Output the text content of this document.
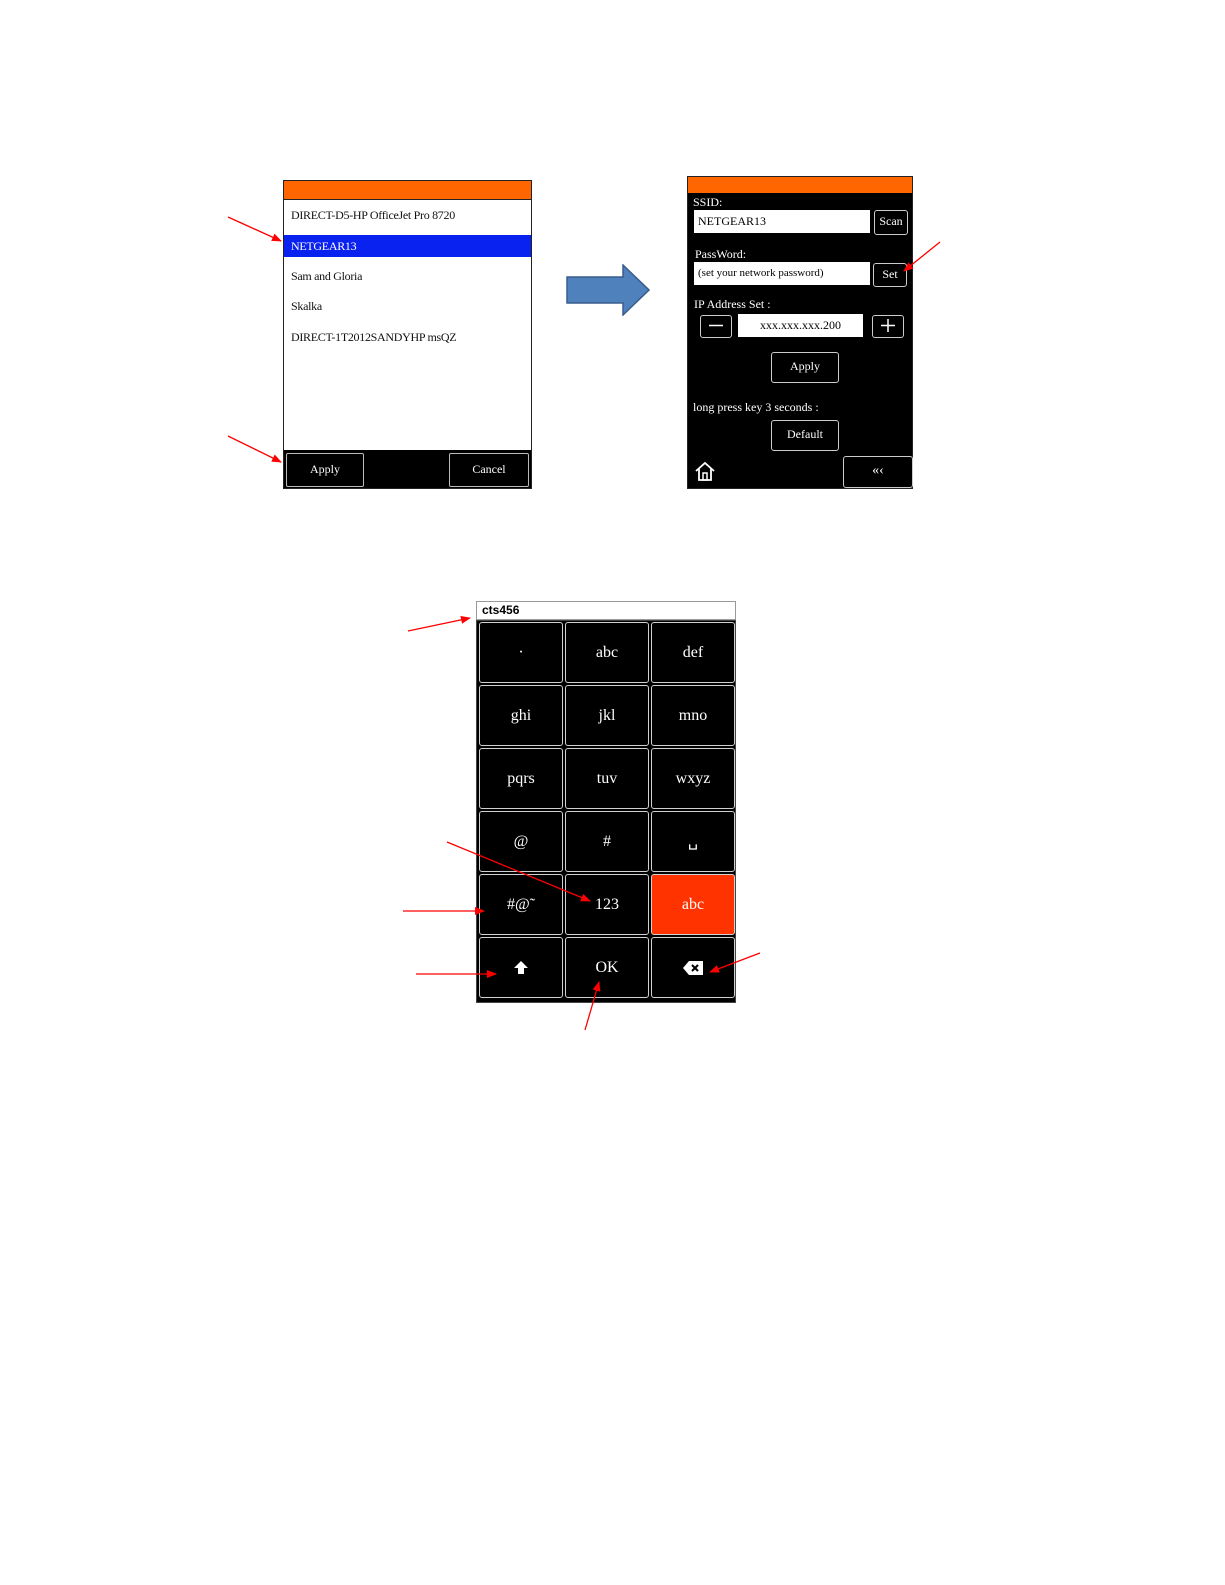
DIRECT-D5-HP OfficeJet Pro 8720
NETGEAR13
Sam and Gloria
Skalka
DIRECT-1T2012SANDYHP msQZ
Apply	Cancel
SSID:
NETGEAR13	Scan
PassWord:
(set your network password)	Set
IP Address Set :
xxx.xxx.xxx.200
Apply
long press key 3 seconds :
Default
«‹
cts456
·	abc	def
ghi	jkl	mno
pqrs	tuv	wxyz
@	#	␣
#@˜	123	abc
OK
